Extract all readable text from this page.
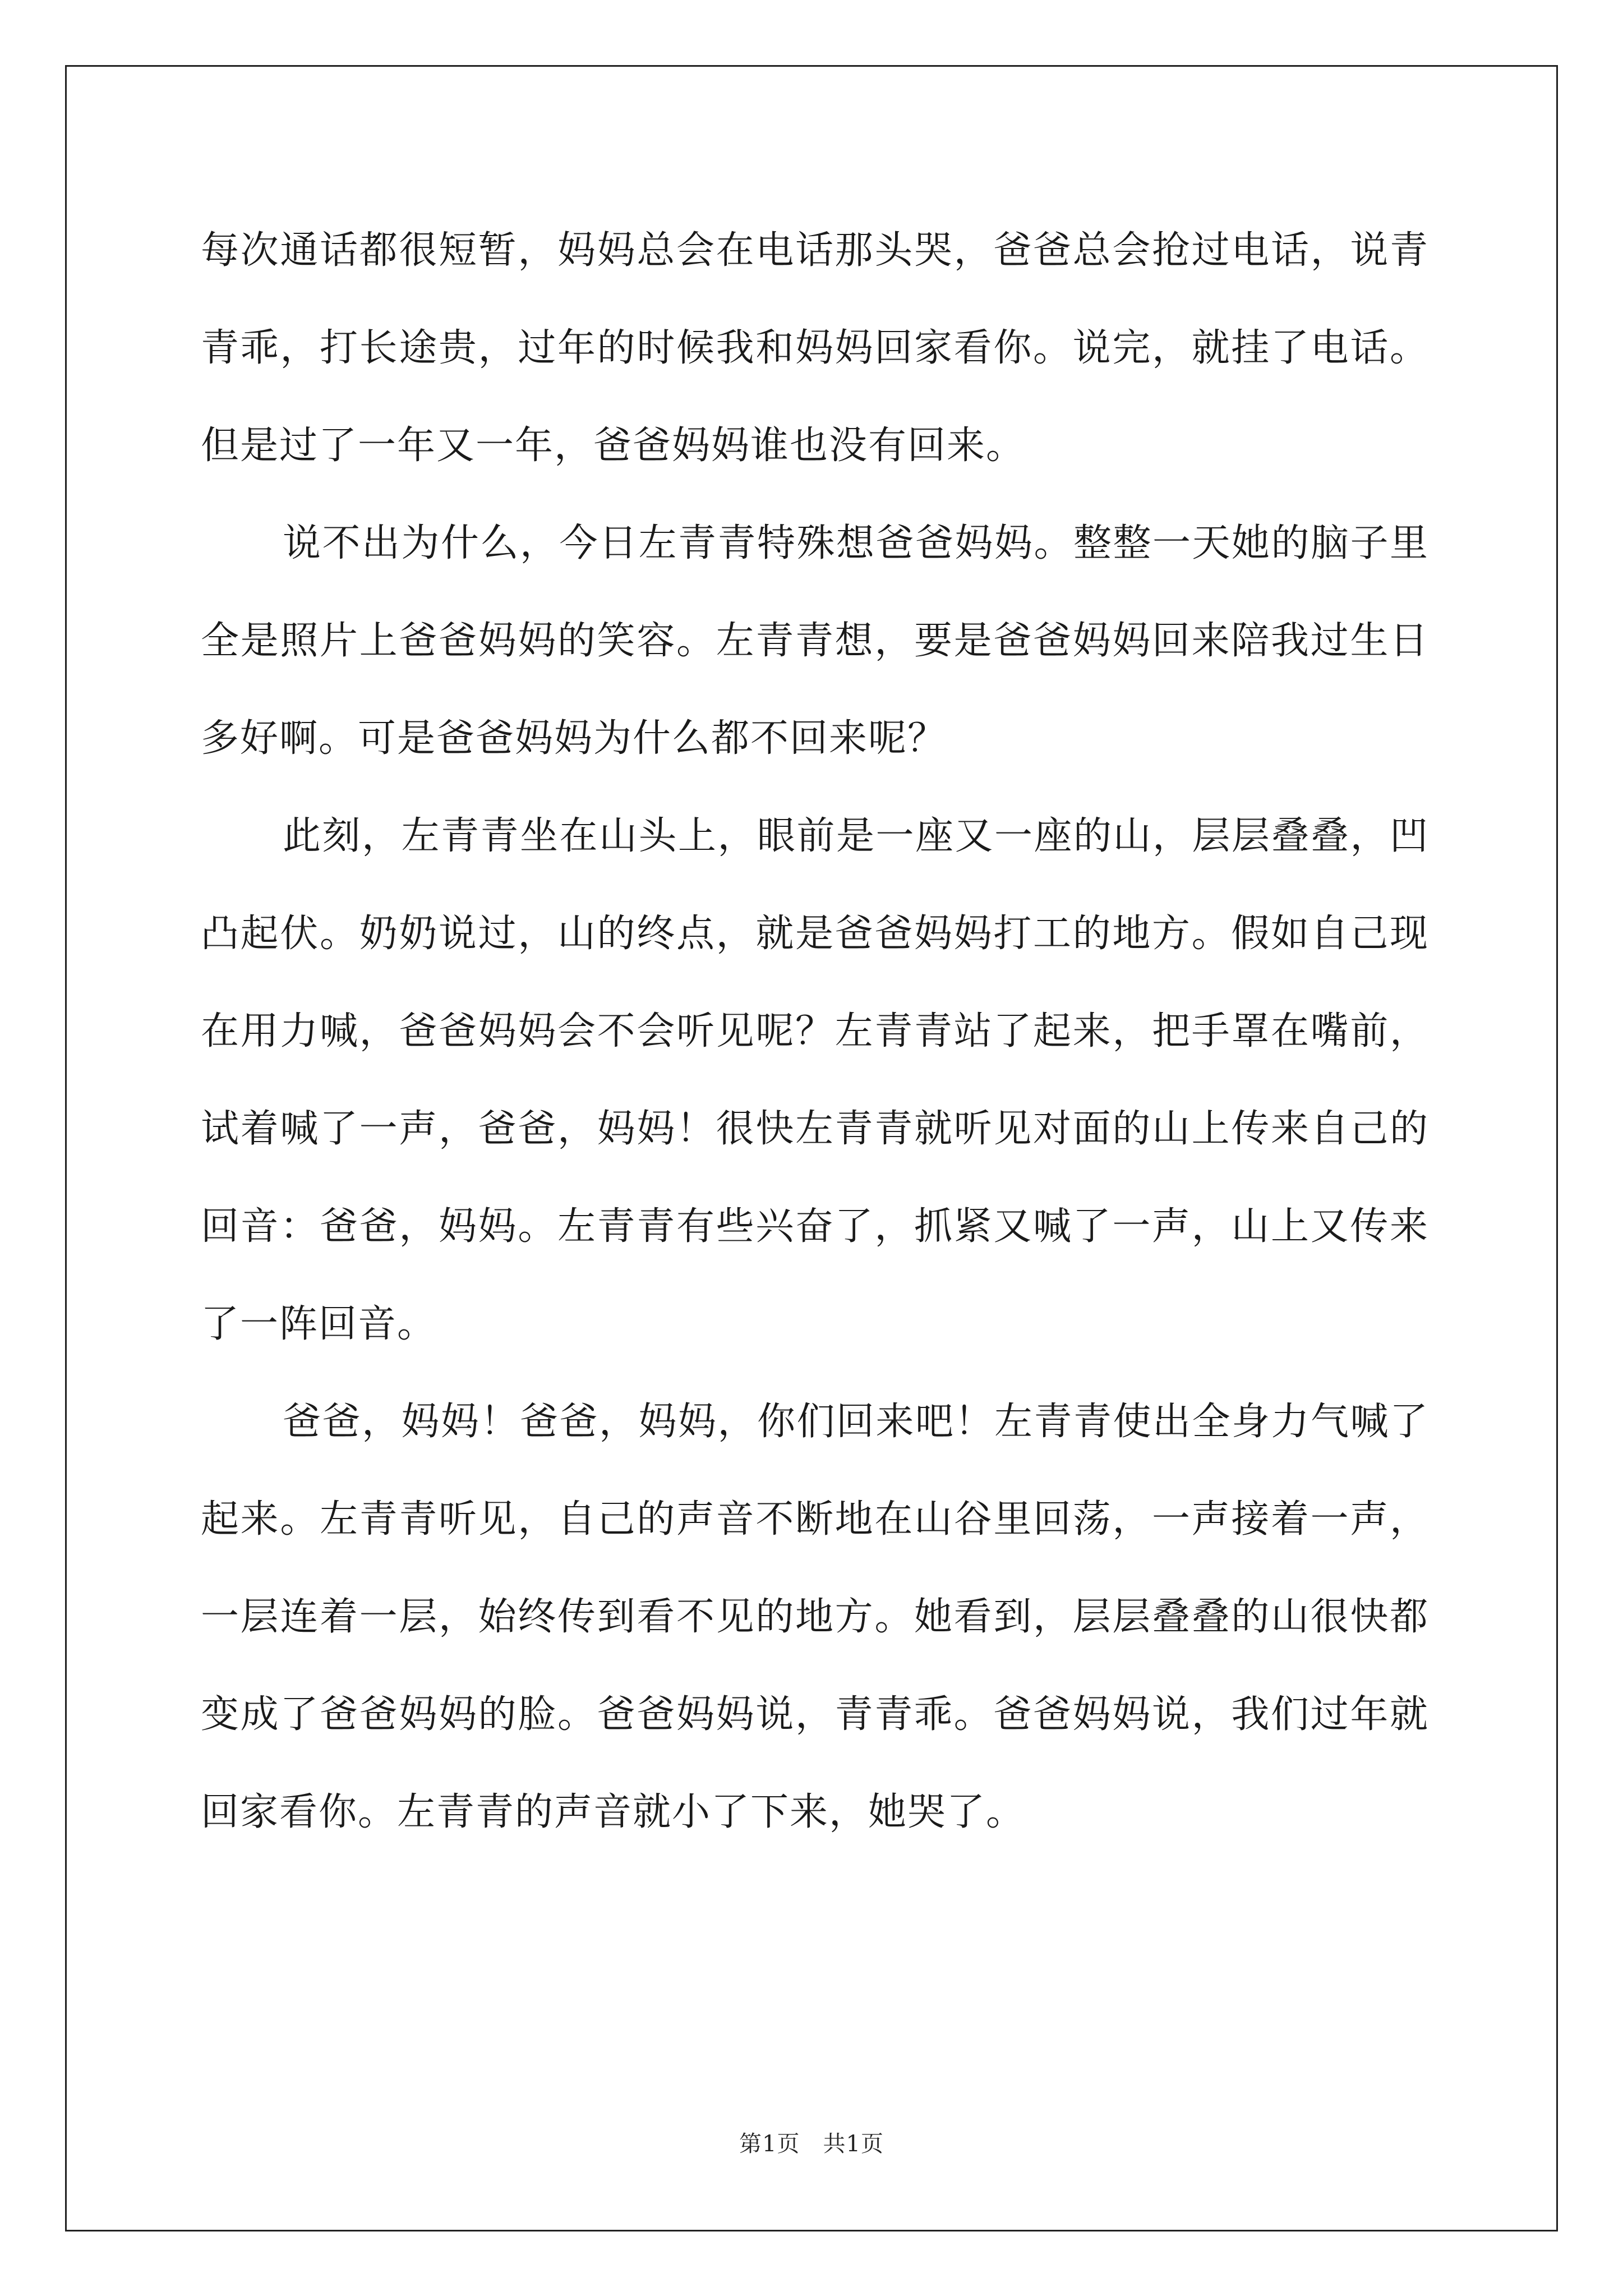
每次通话都很短暂，妈妈总会在电话那头哭，爸爸总会抢过电话，说青青乖，打长途贵，过年的时候我和妈妈回家看你。说完，就挂了电话。但是过了一年又一年，爸爸妈妈谁也没有回来。

说不出为什么，今日左青青特殊想爸爸妈妈。整整一天她的脑子里全是照片上爸爸妈妈的笑容。左青青想，要是爸爸妈妈回来陪我过生日多好啊。可是爸爸妈妈为什么都不回来呢？

此刻，左青青坐在山头上，眼前是一座又一座的山，层层叠叠，凹凸起伏。奶奶说过，山的终点，就是爸爸妈妈打工的地方。假如自己现在用力喊，爸爸妈妈会不会听见呢？左青青站了起来，把手罩在嘴前，试着喊了一声，爸爸，妈妈！很快左青青就听见对面的山上传来自己的回音：爸爸，妈妈。左青青有些兴奋了，抓紧又喊了一声，山上又传来了一阵回音。

爸爸，妈妈！爸爸，妈妈，你们回来吧！左青青使出全身力气喊了起来。左青青听见，自己的声音不断地在山谷里回荡，一声接着一声，一层连着一层，始终传到看不见的地方。她看到，层层叠叠的山很快都变成了爸爸妈妈的脸。爸爸妈妈说，青青乖。爸爸妈妈说，我们过年就回家看你。左青青的声音就小了下来，她哭了。

第1页　共1页
